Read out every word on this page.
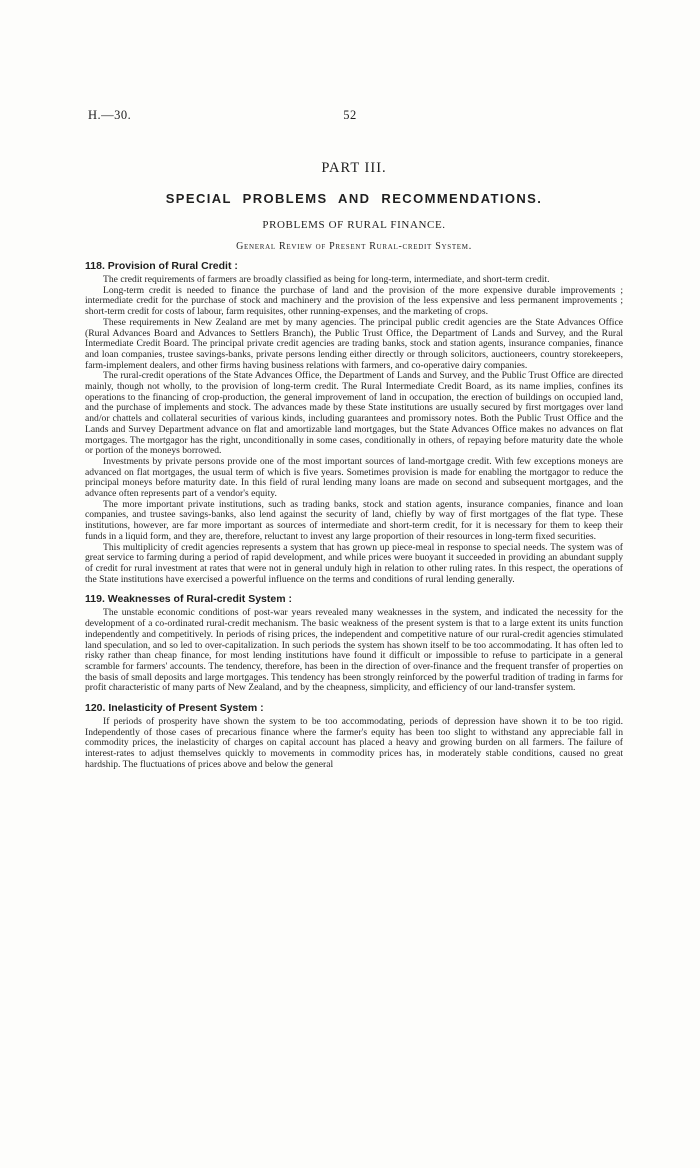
H.—30.	52
PART III.
SPECIAL PROBLEMS AND RECOMMENDATIONS.
PROBLEMS OF RURAL FINANCE.
General Review of Present Rural-credit System.
118. Provision of Rural Credit :

The credit requirements of farmers are broadly classified as being for long-term, intermediate, and short-term credit.

Long-term credit is needed to finance the purchase of land and the provision of the more expensive durable improvements ; intermediate credit for the purchase of stock and machinery and the provision of the less expensive and less permanent improvements ; short-term credit for costs of labour, farm requisites, other running-expenses, and the marketing of crops.

These requirements in New Zealand are met by many agencies. The principal public credit agencies are the State Advances Office (Rural Advances Board and Advances to Settlers Branch), the Public Trust Office, the Department of Lands and Survey, and the Rural Intermediate Credit Board. The principal private credit agencies are trading banks, stock and station agents, insurance companies, finance and loan companies, trustee savings-banks, private persons lending either directly or through solicitors, auctioneers, country storekeepers, farm-implement dealers, and other firms having business relations with farmers, and co-operative dairy companies.

The rural-credit operations of the State Advances Office, the Department of Lands and Survey, and the Public Trust Office are directed mainly, though not wholly, to the provision of long-term credit. The Rural Intermediate Credit Board, as its name implies, confines its operations to the financing of crop-production, the general improvement of land in occupation, the erection of buildings on occupied land, and the purchase of implements and stock. The advances made by these State institutions are usually secured by first mortgages over land and/or chattels and collateral securities of various kinds, including guarantees and promissory notes. Both the Public Trust Office and the Lands and Survey Department advance on flat and amortizable land mortgages, but the State Advances Office makes no advances on flat mortgages. The mortgagor has the right, unconditionally in some cases, conditionally in others, of repaying before maturity date the whole or portion of the moneys borrowed.

Investments by private persons provide one of the most important sources of land-mortgage credit. With few exceptions moneys are advanced on flat mortgages, the usual term of which is five years. Sometimes provision is made for enabling the mortgagor to reduce the principal moneys before maturity date. In this field of rural lending many loans are made on second and subsequent mortgages, and the advance often represents part of a vendor's equity.

The more important private institutions, such as trading banks, stock and station agents, insurance companies, finance and loan companies, and trustee savings-banks, also lend against the security of land, chiefly by way of first mortgages of the flat type. These institutions, however, are far more important as sources of intermediate and short-term credit, for it is necessary for them to keep their funds in a liquid form, and they are, therefore, reluctant to invest any large proportion of their resources in long-term fixed securities.

This multiplicity of credit agencies represents a system that has grown up piece-meal in response to special needs. The system was of great service to farming during a period of rapid development, and while prices were buoyant it succeeded in providing an abundant supply of credit for rural investment at rates that were not in general unduly high in relation to other ruling rates. In this respect, the operations of the State institutions have exercised a powerful influence on the terms and conditions of rural lending generally.

119. Weaknesses of Rural-credit System :

The unstable economic conditions of post-war years revealed many weaknesses in the system, and indicated the necessity for the development of a co-ordinated rural-credit mechanism. The basic weakness of the present system is that to a large extent its units function independently and competitively. In periods of rising prices, the independent and competitive nature of our rural-credit agencies stimulated land speculation, and so led to over-capitalization. In such periods the system has shown itself to be too accommodating. It has often led to risky rather than cheap finance, for most lending institutions have found it difficult or impossible to refuse to participate in a general scramble for farmers' accounts. The tendency, therefore, has been in the direction of over-finance and the frequent transfer of properties on the basis of small deposits and large mortgages. This tendency has been strongly reinforced by the powerful tradition of trading in farms for profit characteristic of many parts of New Zealand, and by the cheapness, simplicity, and efficiency of our land-transfer system.

120. Inelasticity of Present System :

If periods of prosperity have shown the system to be too accommodating, periods of depression have shown it to be too rigid. Independently of those cases of precarious finance where the farmer's equity has been too slight to withstand any appreciable fall in commodity prices, the inelasticity of charges on capital account has placed a heavy and growing burden on all farmers. The failure of interest-rates to adjust themselves quickly to movements in commodity prices has, in moderately stable conditions, caused no great hardship. The fluctuations of prices above and below the general
